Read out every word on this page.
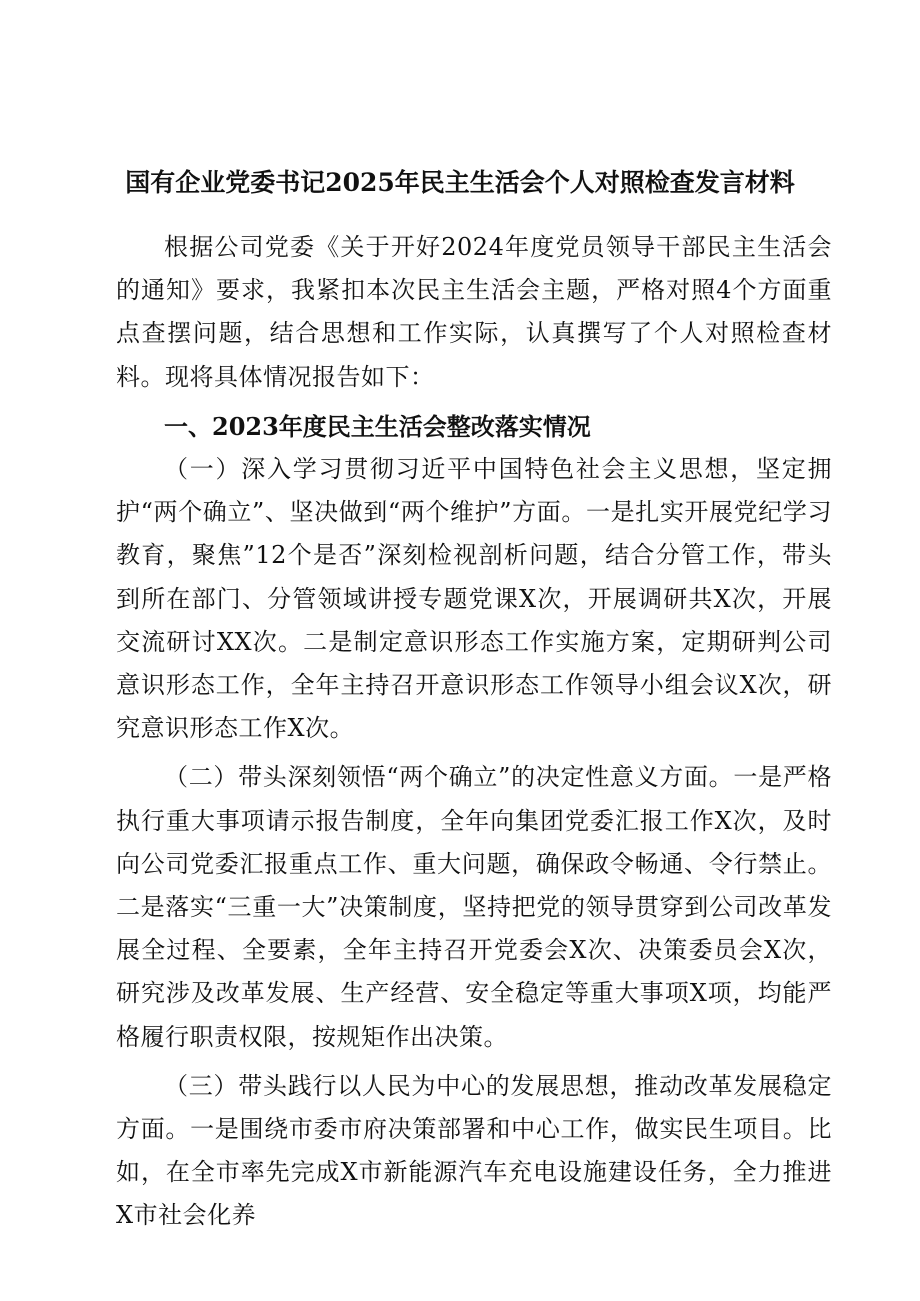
国有企业党委书记2025年民主生活会个人对照检查发言材料

根据公司党委《关于开好2024年度党员领导干部民主生活会的通知》要求，我紧扣本次民主生活会主题，严格对照4个方面重点查摆问题，结合思想和工作实际，认真撰写了个人对照检查材料。现将具体情况报告如下：

一、2023年度民主生活会整改落实情况

（一）深入学习贯彻习近平中国特色社会主义思想，坚定拥护“两个确立”、坚决做到“两个维护”方面。一是扎实开展党纪学习教育，聚焦”12个是否”深刻检视剖析问题，结合分管工作，带头到所在部门、分管领域讲授专题党课X次，开展调研共X次，开展交流研讨XX次。二是制定意识形态工作实施方案，定期研判公司意识形态工作，全年主持召开意识形态工作领导小组会议X次，研究意识形态工作X次。

（二）带头深刻领悟“两个确立”的决定性意义方面。一是严格执行重大事项请示报告制度，全年向集团党委汇报工作X次，及时向公司党委汇报重点工作、重大问题，确保政令畅通、令行禁止。二是落实“三重一大”决策制度，坚持把党的领导贯穿到公司改革发展全过程、全要素，全年主持召开党委会X次、决策委员会X次，研究涉及改革发展、生产经营、安全稳定等重大事项X项，均能严格履行职责权限，按规矩作出决策。

（三）带头践行以人民为中心的发展思想，推动改革发展稳定方面。一是围绕市委市府决策部署和中心工作，做实民生项目。比如，在全市率先完成X市新能源汽车充电设施建设任务，全力推进X市社会化养
